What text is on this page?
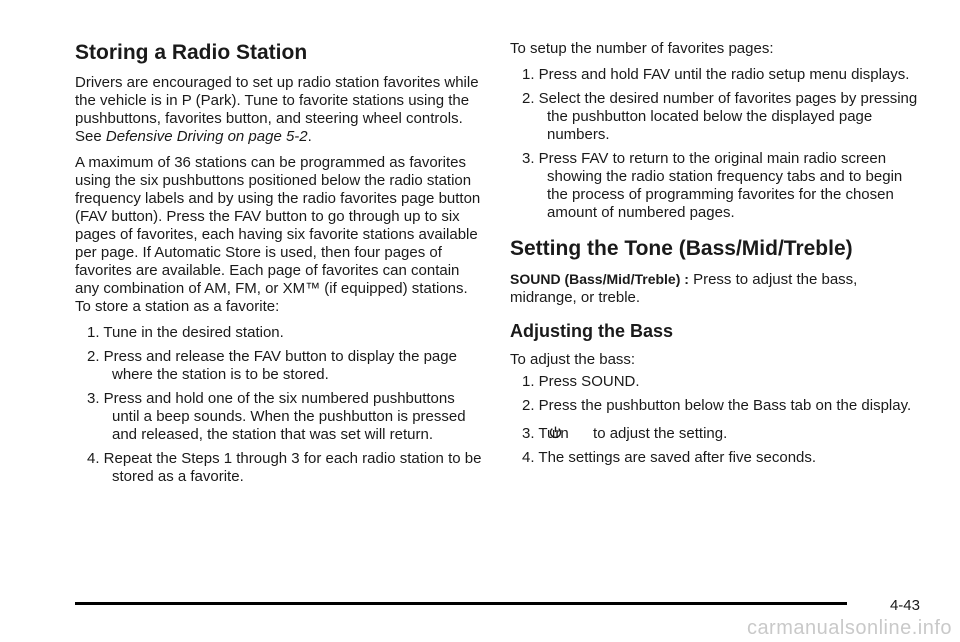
Storing a Radio Station

Drivers are encouraged to set up radio station favorites while the vehicle is in P (Park). Tune to favorite stations using the pushbuttons, favorites button, and steering wheel controls. See Defensive Driving on page 5‑2.

A maximum of 36 stations can be programmed as favorites using the six pushbuttons positioned below the radio station frequency labels and by using the radio favorites page button (FAV button). Press the FAV button to go through up to six pages of favorites, each having six favorite stations available per page. If Automatic Store is used, then four pages of favorites are available. Each page of favorites can contain any combination of AM, FM, or XM™ (if equipped) stations. To store a station as a favorite:

1. Tune in the desired station.
2. Press and release the FAV button to display the page where the station is to be stored.
3. Press and hold one of the six numbered pushbuttons until a beep sounds. When the pushbutton is pressed and released, the station that was set will return.
4. Repeat the Steps 1 through 3 for each radio station to be stored as a favorite.

To setup the number of favorites pages:

1. Press and hold FAV until the radio setup menu displays.
2. Select the desired number of favorites pages by pressing the pushbutton located below the displayed page numbers.
3. Press FAV to return to the original main radio screen showing the radio station frequency tabs and to begin the process of programming favorites for the chosen amount of numbered pages.
Setting the Tone (Bass/Mid/Treble)

SOUND (Bass/Mid/Treble) : Press to adjust the bass, midrange, or treble.

Adjusting the Bass

To adjust the bass:

1. Press SOUND.
2. Press the pushbutton below the Bass tab on the display.
3. Turn  to adjust the setting.
4. The settings are saved after five seconds.
4-43
carmanualsonline.info
